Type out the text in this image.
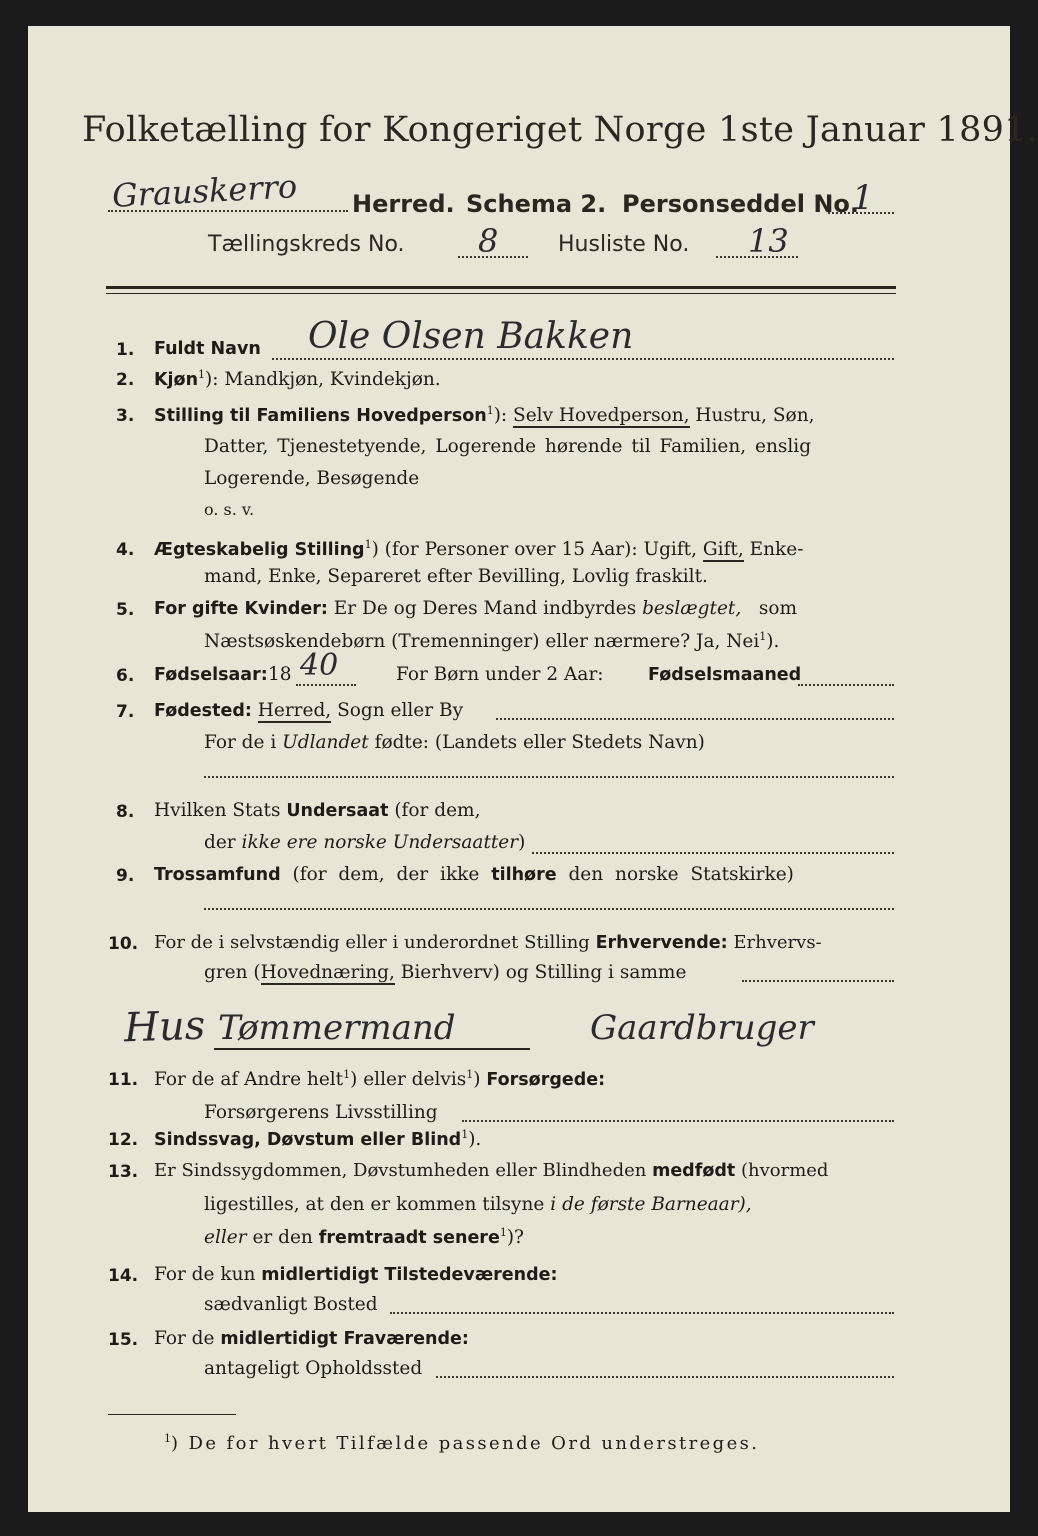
Folketælling for Kongeriget Norge 1ste Januar 1891.
Grauskerro Herred. Schema 2. Personseddel No.
1
Tællingskreds No. 8	Husliste No. 13
1. Fuldt Navn Ole Olsen Bakken
2. Kjøn$^1$): Mandkjøn, Kvindekjøn.
3. Stilling til Familiens Hovedperson$^1$): Selv Hovedperson, Hustru, Søn,
Datter, Tjenestetyende, Logerende hørende til Familien, enslig
Logerende, Besøgende
o. s. v.
4. Ægteskabelig Stilling$^1$) (for Personer over 15 Aar): Ugift, Gift, Enke-
mand, Enke, Separeret efter Bevilling, Lovlig fraskilt.
5. For gifte Kvinder: Er De og Deres Mand indbyrdes beslægtet, som
Næstsøskendebørn (Tremenninger) eller nærmere? Ja, Nei$^1$).
6. Fødselsaar: 18 40	For Børn under 2 Aar:	Fødselsmaaned
7. Fødested: Herred, Sogn eller By
For de i Udlandet fødte: (Landets eller Stedets Navn)
8. Hvilken Stats Undersaat (for dem,
der ikke ere norske Undersaatter)
9. Trossamfund (for dem, der ikke tilhøre den norske Statskirke)
10. For de i selvstændig eller i underordnet Stilling Erhvervende: Erhvervs-
gren (Hovednæring, Bierhverv) og Stilling i samme
Hus Tømmermand	Gaardbruger
11. For de af Andre helt$^1$) eller delvis$^1$) Forsørgede:
Forsørgerens Livsstilling
12. Sindssvag, Døvstum eller Blind$^1$).
13. Er Sindssygdommen, Døvstumheden eller Blindheden medfødt (hvormed
ligestilles, at den er kommen tilsyne i de første Barneaar),
eller er den fremtraadt senere$^1$)?
14. For de kun midlertidigt Tilstedeværende:
sædvanligt Bosted
15. For de midlertidigt Fraværende:
antageligt Opholdssted
$^1$) De for hvert Tilfælde passende Ord understreges.
